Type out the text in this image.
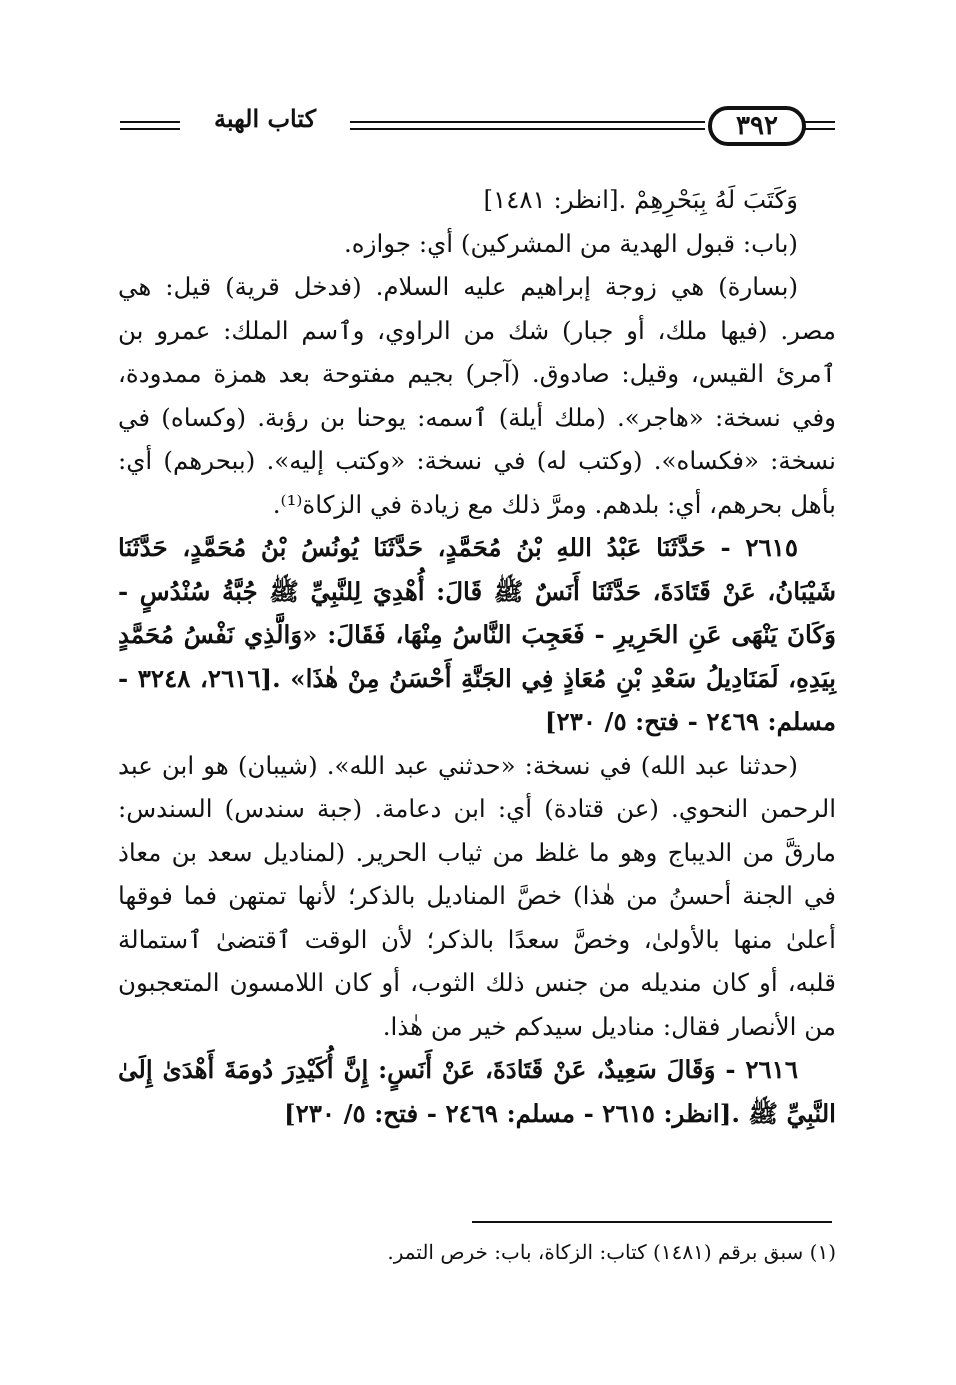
٣٩٢
كتاب الهبة

وَكَتَبَ لَهُ بِبَحْرِهِمْ .[انظر: ١٤٨١]

(باب: قبول الهدية من المشركين) أي: جوازه.

(بسارة) هي زوجة إبراهيم عليه السلام. (فدخل قرية) قيل: هي مصر. (فيها ملك، أو جبار) شك من الراوي، وٱسم الملك: عمرو بن ٱمرئ القيس، وقيل: صادوق. (آجر) بجيم مفتوحة بعد همزة ممدودة، وفي نسخة: «هاجر». (ملك أيلة) ٱسمه: يوحنا بن رؤبة. (وكساه) في نسخة: «فكساه». (وكتب له) في نسخة: «وكتب إليه». (ببحرهم) أي: بأهل بحرهم، أي: بلدهم. ومرَّ ذلك مع زيادة في الزكاة⁽¹⁾.

٢٦١٥ - حَدَّثَنَا عَبْدُ اللهِ بْنُ مُحَمَّدٍ، حَدَّثَنَا يُونُسُ بْنُ مُحَمَّدٍ، حَدَّثَنَا شَيْبَانُ، عَنْ قَتَادَةَ، حَدَّثَنَا أَنَسٌ ﷺ قَالَ: أُهْدِيَ لِلنَّبِيِّ ﷺ جُبَّةُ سُنْدُسٍ - وَكَانَ يَنْهَى عَنِ الحَرِيرِ - فَعَجِبَ النَّاسُ مِنْهَا، فَقَالَ: «وَالَّذِي نَفْسُ مُحَمَّدٍ بِيَدِهِ، لَمَنَادِيلُ سَعْدِ بْنِ مُعَاذٍ فِي الجَنَّةِ أَحْسَنُ مِنْ هٰذَا» .[٢٦١٦، ٣٢٤٨ - مسلم: ٢٤٦٩ - فتح: ٥/ ٢٣٠]

(حدثنا عبد الله) في نسخة: «حدثني عبد الله». (شيبان) هو ابن عبد الرحمن النحوي. (عن قتادة) أي: ابن دعامة. (جبة سندس) السندس: مارقَّ من الديباج وهو ما غلظ من ثياب الحرير. (لمناديل سعد بن معاذ في الجنة أحسنُ من هٰذا) خصَّ المناديل بالذكر؛ لأنها تمتهن فما فوقها أعلىٰ منها بالأولىٰ، وخصَّ سعدًا بالذكر؛ لأن الوقت ٱقتضىٰ ٱستمالة قلبه، أو كان منديله من جنس ذلك الثوب، أو كان اللامسون المتعجبون من الأنصار فقال: مناديل سيدكم خير من هٰذا.

٢٦١٦ - وَقَالَ سَعِيدٌ، عَنْ قَتَادَةَ، عَنْ أَنَسٍ: إِنَّ أُكَيْدِرَ دُومَةَ أَهْدَىٰ إِلَىٰ النَّبِيِّ ﷺ .[انظر: ٢٦١٥ - مسلم: ٢٤٦٩ - فتح: ٥/ ٢٣٠]

(١) سبق برقم (١٤٨١) كتاب: الزكاة، باب: خرص التمر.
